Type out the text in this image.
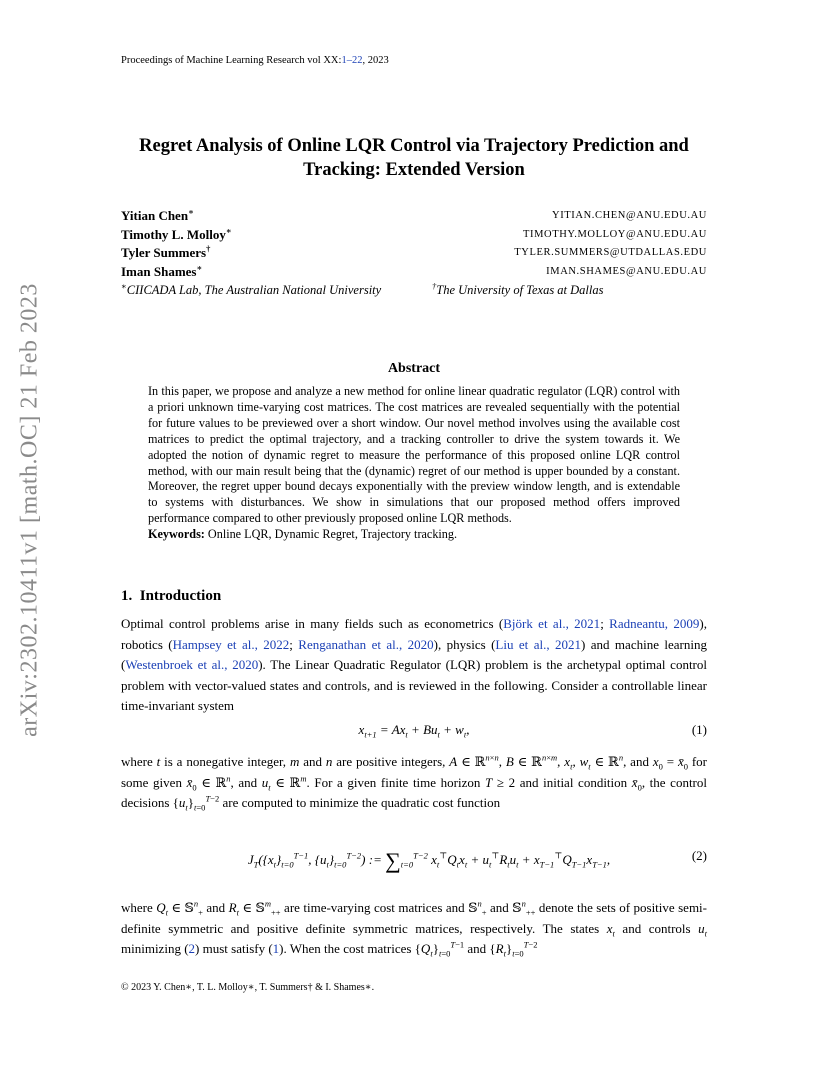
Proceedings of Machine Learning Research vol XX:1–22, 2023
arXiv:2302.10411v1 [math.OC] 21 Feb 2023
Regret Analysis of Online LQR Control via Trajectory Prediction and Tracking: Extended Version
Yitian Chen∗	YITIAN.CHEN@ANU.EDU.AU
Timothy L. Molloy∗	TIMOTHY.MOLLOY@ANU.EDU.AU
Tyler Summers†	TYLER.SUMMERS@UTDALLAS.EDU
Iman Shames∗	IMAN.SHAMES@ANU.EDU.AU
∗CIICADA Lab, The Australian National University	†The University of Texas at Dallas
Abstract
In this paper, we propose and analyze a new method for online linear quadratic regulator (LQR) control with a priori unknown time-varying cost matrices. The cost matrices are revealed sequentially with the potential for future values to be previewed over a short window. Our novel method involves using the available cost matrices to predict the optimal trajectory, and a tracking controller to drive the system towards it. We adopted the notion of dynamic regret to measure the performance of this proposed online LQR control method, with our main result being that the (dynamic) regret of our method is upper bounded by a constant. Moreover, the regret upper bound decays exponentially with the preview window length, and is extendable to systems with disturbances. We show in simulations that our proposed method offers improved performance compared to other previously proposed online LQR methods.
Keywords: Online LQR, Dynamic Regret, Trajectory tracking.
1. Introduction
Optimal control problems arise in many fields such as econometrics (Björk et al., 2021; Radneantu, 2009), robotics (Hampsey et al., 2022; Renganathan et al., 2020), physics (Liu et al., 2021) and machine learning (Westenbroek et al., 2020). The Linear Quadratic Regulator (LQR) problem is the archetypal optimal control problem with vector-valued states and controls, and is reviewed in the following. Consider a controllable linear time-invariant system
$x_{t+1} = Ax_t + Bu_t + w_t$,	(1)
where t is a nonegative integer, m and n are positive integers, A ∈ ℝ$^{n\times n}$, B ∈ ℝ$^{n\times m}$, $x_t$, $w_t$ ∈ ℝ$^n$, and $x_0$ = $x̄_0$ for some given $x̄_0$ ∈ ℝ$^n$, and $u_t$ ∈ ℝ$^m$. For a given finite time horizon T ≥ 2 and initial condition $x̄_0$, the control decisions $\{u_t\}_{t=0}^{T-2}$ are computed to minimize the quadratic cost function
$J_T(\{x_t\}_{t=0}^{T-1}$, $\{u_t\}_{t=0}^{T-2}$) := $\sum_{t=0}^{T-2}$ $x_t^⊤Q_tx_t + u_t^⊤R_tu_t + x_{T-1}^⊤Q_{T-1}x_{T-1}$,	(2)
where $Q_t$ ∈ 𝕊$^n_+$ and $R_t$ ∈ 𝕊$^m_{++}$ are time-varying cost matrices and 𝕊$^n_+$ and 𝕊$^n_{++}$ denote the sets of positive semi-definite symmetric and positive definite symmetric matrices, respectively. The states $x_t$ and controls $u_t$ minimizing (2) must satisfy (1). When the cost matrices $\{Q_t\}_{t=0}^{T-1}$ and $\{R_t\}_{t=0}^{T-2}$
© 2023 Y. Chen∗, T. L. Molloy∗, T. Summers† & I. Shames∗.
